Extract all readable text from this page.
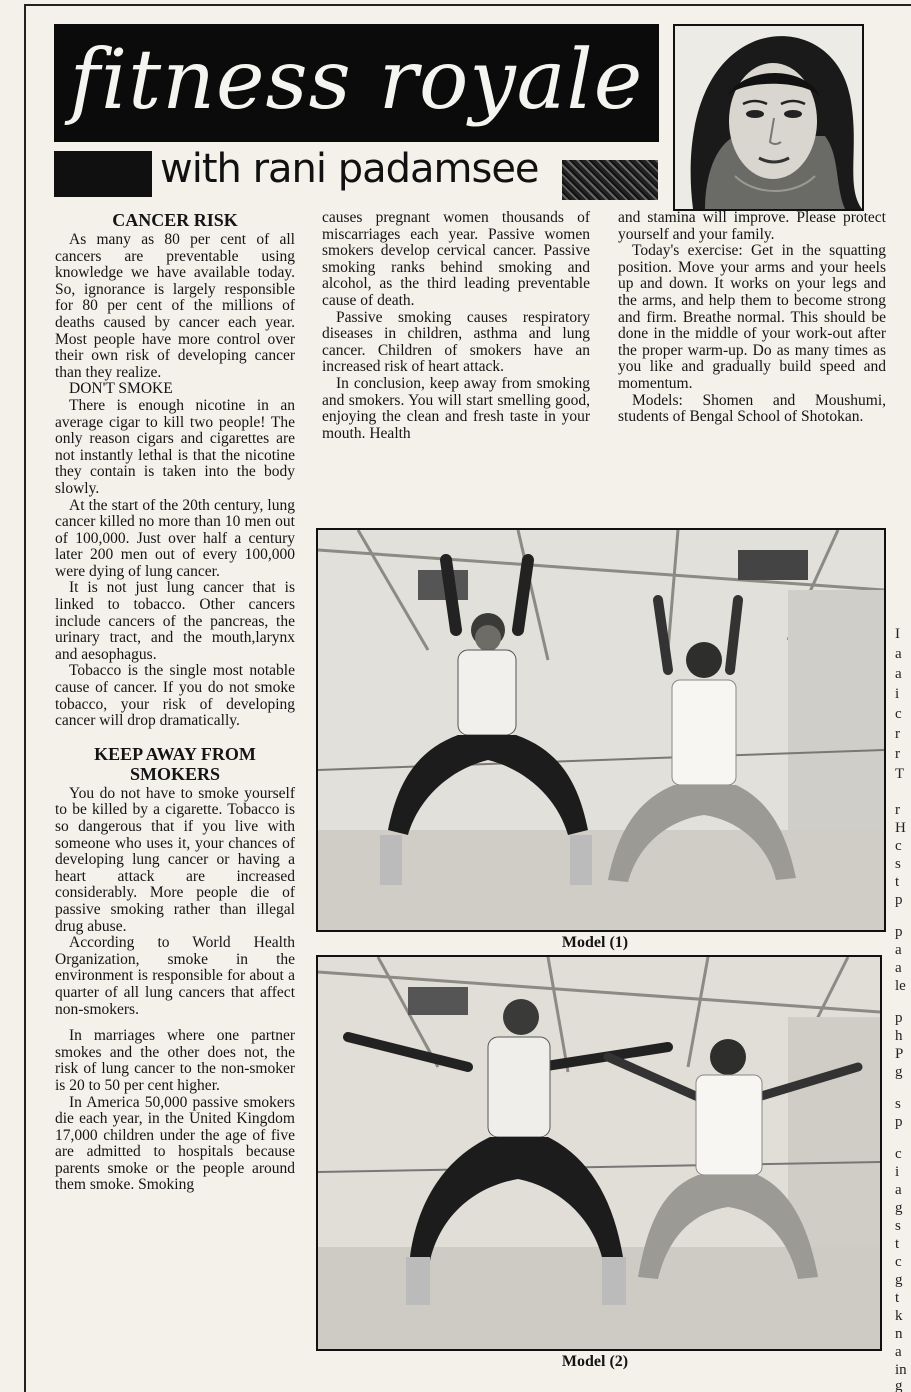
fitness royale
with rani padamsee
CANCER RISK

As many as 80 per cent of all cancers are preventable using knowledge we have available today. So, ignorance is largely responsible for 80 per cent of the millions of deaths caused by cancer each year. Most people have more control over their own risk of developing cancer than they realize.

DON'T SMOKE

There is enough nicotine in an average cigar to kill two people! The only reason cigars and cigarettes are not instantly lethal is that the nicotine they contain is taken into the body slowly.

At the start of the 20th century, lung cancer killed no more than 10 men out of 100,000. Just over half a century later 200 men out of every 100,000 were dying of lung cancer.

It is not just lung cancer that is linked to tobacco. Other cancers include cancers of the pancreas, the urinary tract, and the mouth,larynx and aesophagus.

Tobacco is the single most notable cause of cancer. If you do not smoke tobacco, your risk of developing cancer will drop dramatically.

KEEP AWAY FROM SMOKERS

You do not have to smoke yourself to be killed by a cigarette. Tobacco is so dangerous that if you live with someone who uses it, your chances of developing lung cancer or having a heart attack are increased considerably. More people die of passive smoking rather than illegal drug abuse.

According to World Health Organization, smoke in the environment is responsible for about a quarter of all lung cancers that affect non-smokers.

In marriages where one partner smokes and the other does not, the risk of lung cancer to the non-smoker is 20 to 50 per cent higher.

In America 50,000 passive smokers die each year, in the United Kingdom 17,000 children under the age of five are admitted to hospitals because parents smoke or the people around them smoke. Smoking

causes pregnant women thousands of miscarriages each year. Passive women smokers develop cervical cancer. Passive smoking ranks behind smoking and alcohol, as the third leading preventable cause of death.

Passive smoking causes respiratory diseases in children, asthma and lung cancer. Children of smokers have an increased risk of heart attack.

In conclusion, keep away from smoking and smokers. You will start smelling good, enjoying the clean and fresh taste in your mouth. Health

and stamina will improve. Please protect yourself and your family.

Today's exercise: Get in the squatting position. Move your arms and your heels up and down. It works on your legs and the arms, and help them to become strong and firm. Breathe normal. This should be done in the middle of your work-out after the proper warm-up. Do as many times as you like and gradually build speed and momentum.

Models: Shomen and Moushumi, students of Bengal School of Shotokan.

Model (1)
Model (2)
I
a
a
i
c
r
r
T
r
H
c
s
t
p
p
a
a
le
p
h
P
g
s
p
c
i
a
g
s
t
c
g
t
k
n
a
in
g
